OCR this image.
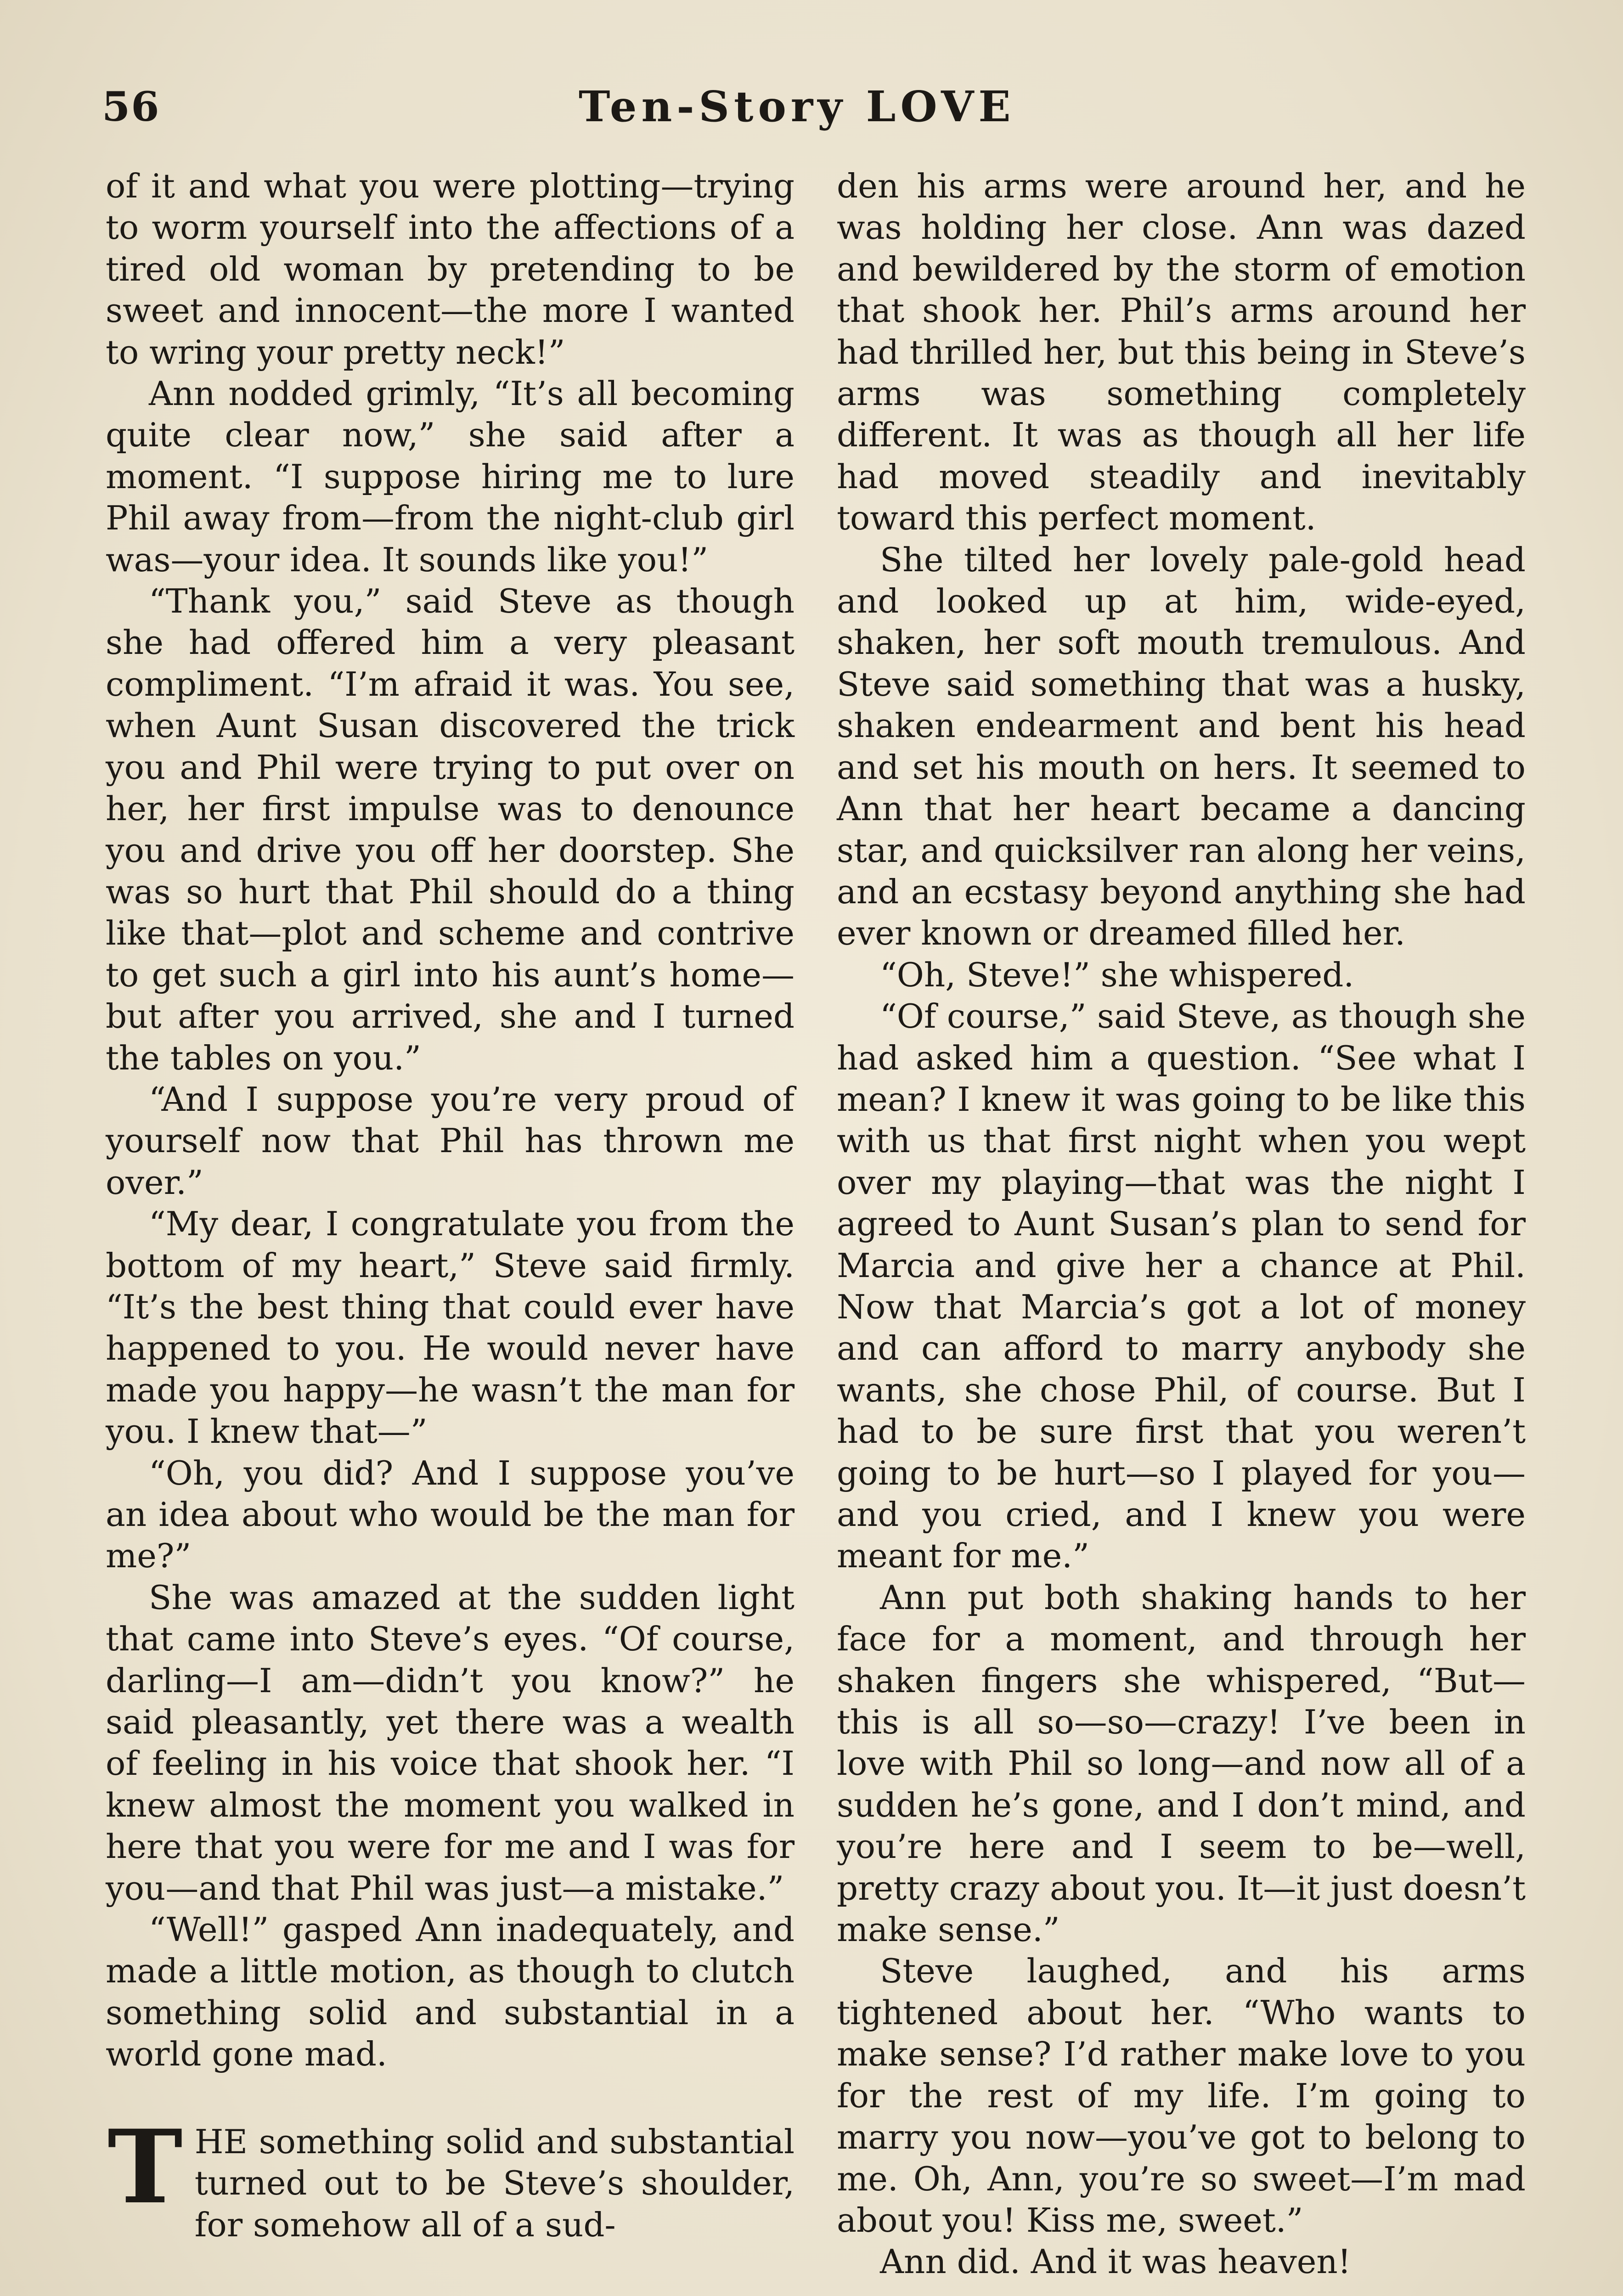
56	Ten-Story LOVE

of it and what you were plotting—trying to worm yourself into the affections of a tired old woman by pretending to be sweet and innocent—the more I wanted to wring your pretty neck!”

Ann nodded grimly, “It’s all becoming quite clear now,” she said after a moment. “I suppose hiring me to lure Phil away from—from the night-club girl was—your idea. It sounds like you!”

“Thank you,” said Steve as though she had offered him a very pleasant compliment. “I’m afraid it was. You see, when Aunt Susan discovered the trick you and Phil were trying to put over on her, her first impulse was to denounce you and drive you off her doorstep. She was so hurt that Phil should do a thing like that—plot and scheme and contrive to get such a girl into his aunt’s home—but after you arrived, she and I turned the tables on you.”

“And I suppose you’re very proud of yourself now that Phil has thrown me over.”

“My dear, I congratulate you from the bottom of my heart,” Steve said firmly. “It’s the best thing that could ever have happened to you. He would never have made you happy—he wasn’t the man for you. I knew that—”

“Oh, you did? And I suppose you’ve an idea about who would be the man for me?”

She was amazed at the sudden light that came into Steve’s eyes. “Of course, darling—I am—didn’t you know?” he said pleasantly, yet there was a wealth of feeling in his voice that shook her. “I knew almost the moment you walked in here that you were for me and I was for you—and that Phil was just—a mistake.”

“Well!” gasped Ann inadequately, and made a little motion, as though to clutch something solid and substantial in a world gone mad.

THE something solid and substantial turned out to be Steve’s shoulder, for somehow all of a sud-

den his arms were around her, and he was holding her close. Ann was dazed and bewildered by the storm of emotion that shook her. Phil’s arms around her had thrilled her, but this being in Steve’s arms was something completely different. It was as though all her life had moved steadily and inevitably toward this perfect moment.

She tilted her lovely pale-gold head and looked up at him, wide-eyed, shaken, her soft mouth tremulous. And Steve said something that was a husky, shaken endearment and bent his head and set his mouth on hers. It seemed to Ann that her heart became a dancing star, and quicksilver ran along her veins, and an ecstasy beyond anything she had ever known or dreamed filled her.

“Oh, Steve!” she whispered.

“Of course,” said Steve, as though she had asked him a question. “See what I mean? I knew it was going to be like this with us that first night when you wept over my playing—that was the night I agreed to Aunt Susan’s plan to send for Marcia and give her a chance at Phil. Now that Marcia’s got a lot of money and can afford to marry anybody she wants, she chose Phil, of course. But I had to be sure first that you weren’t going to be hurt—so I played for you—and you cried, and I knew you were meant for me.”

Ann put both shaking hands to her face for a moment, and through her shaken fingers she whispered, “But—this is all so—so—crazy! I’ve been in love with Phil so long—and now all of a sudden he’s gone, and I don’t mind, and you’re here and I seem to be—well, pretty crazy about you. It—it just doesn’t make sense.”

Steve laughed, and his arms tightened about her. “Who wants to make sense? I’d rather make love to you for the rest of my life. I’m going to marry you now—you’ve got to belong to me. Oh, Ann, you’re so sweet—I’m mad about you! Kiss me, sweet.”

Ann did. And it was heaven!
